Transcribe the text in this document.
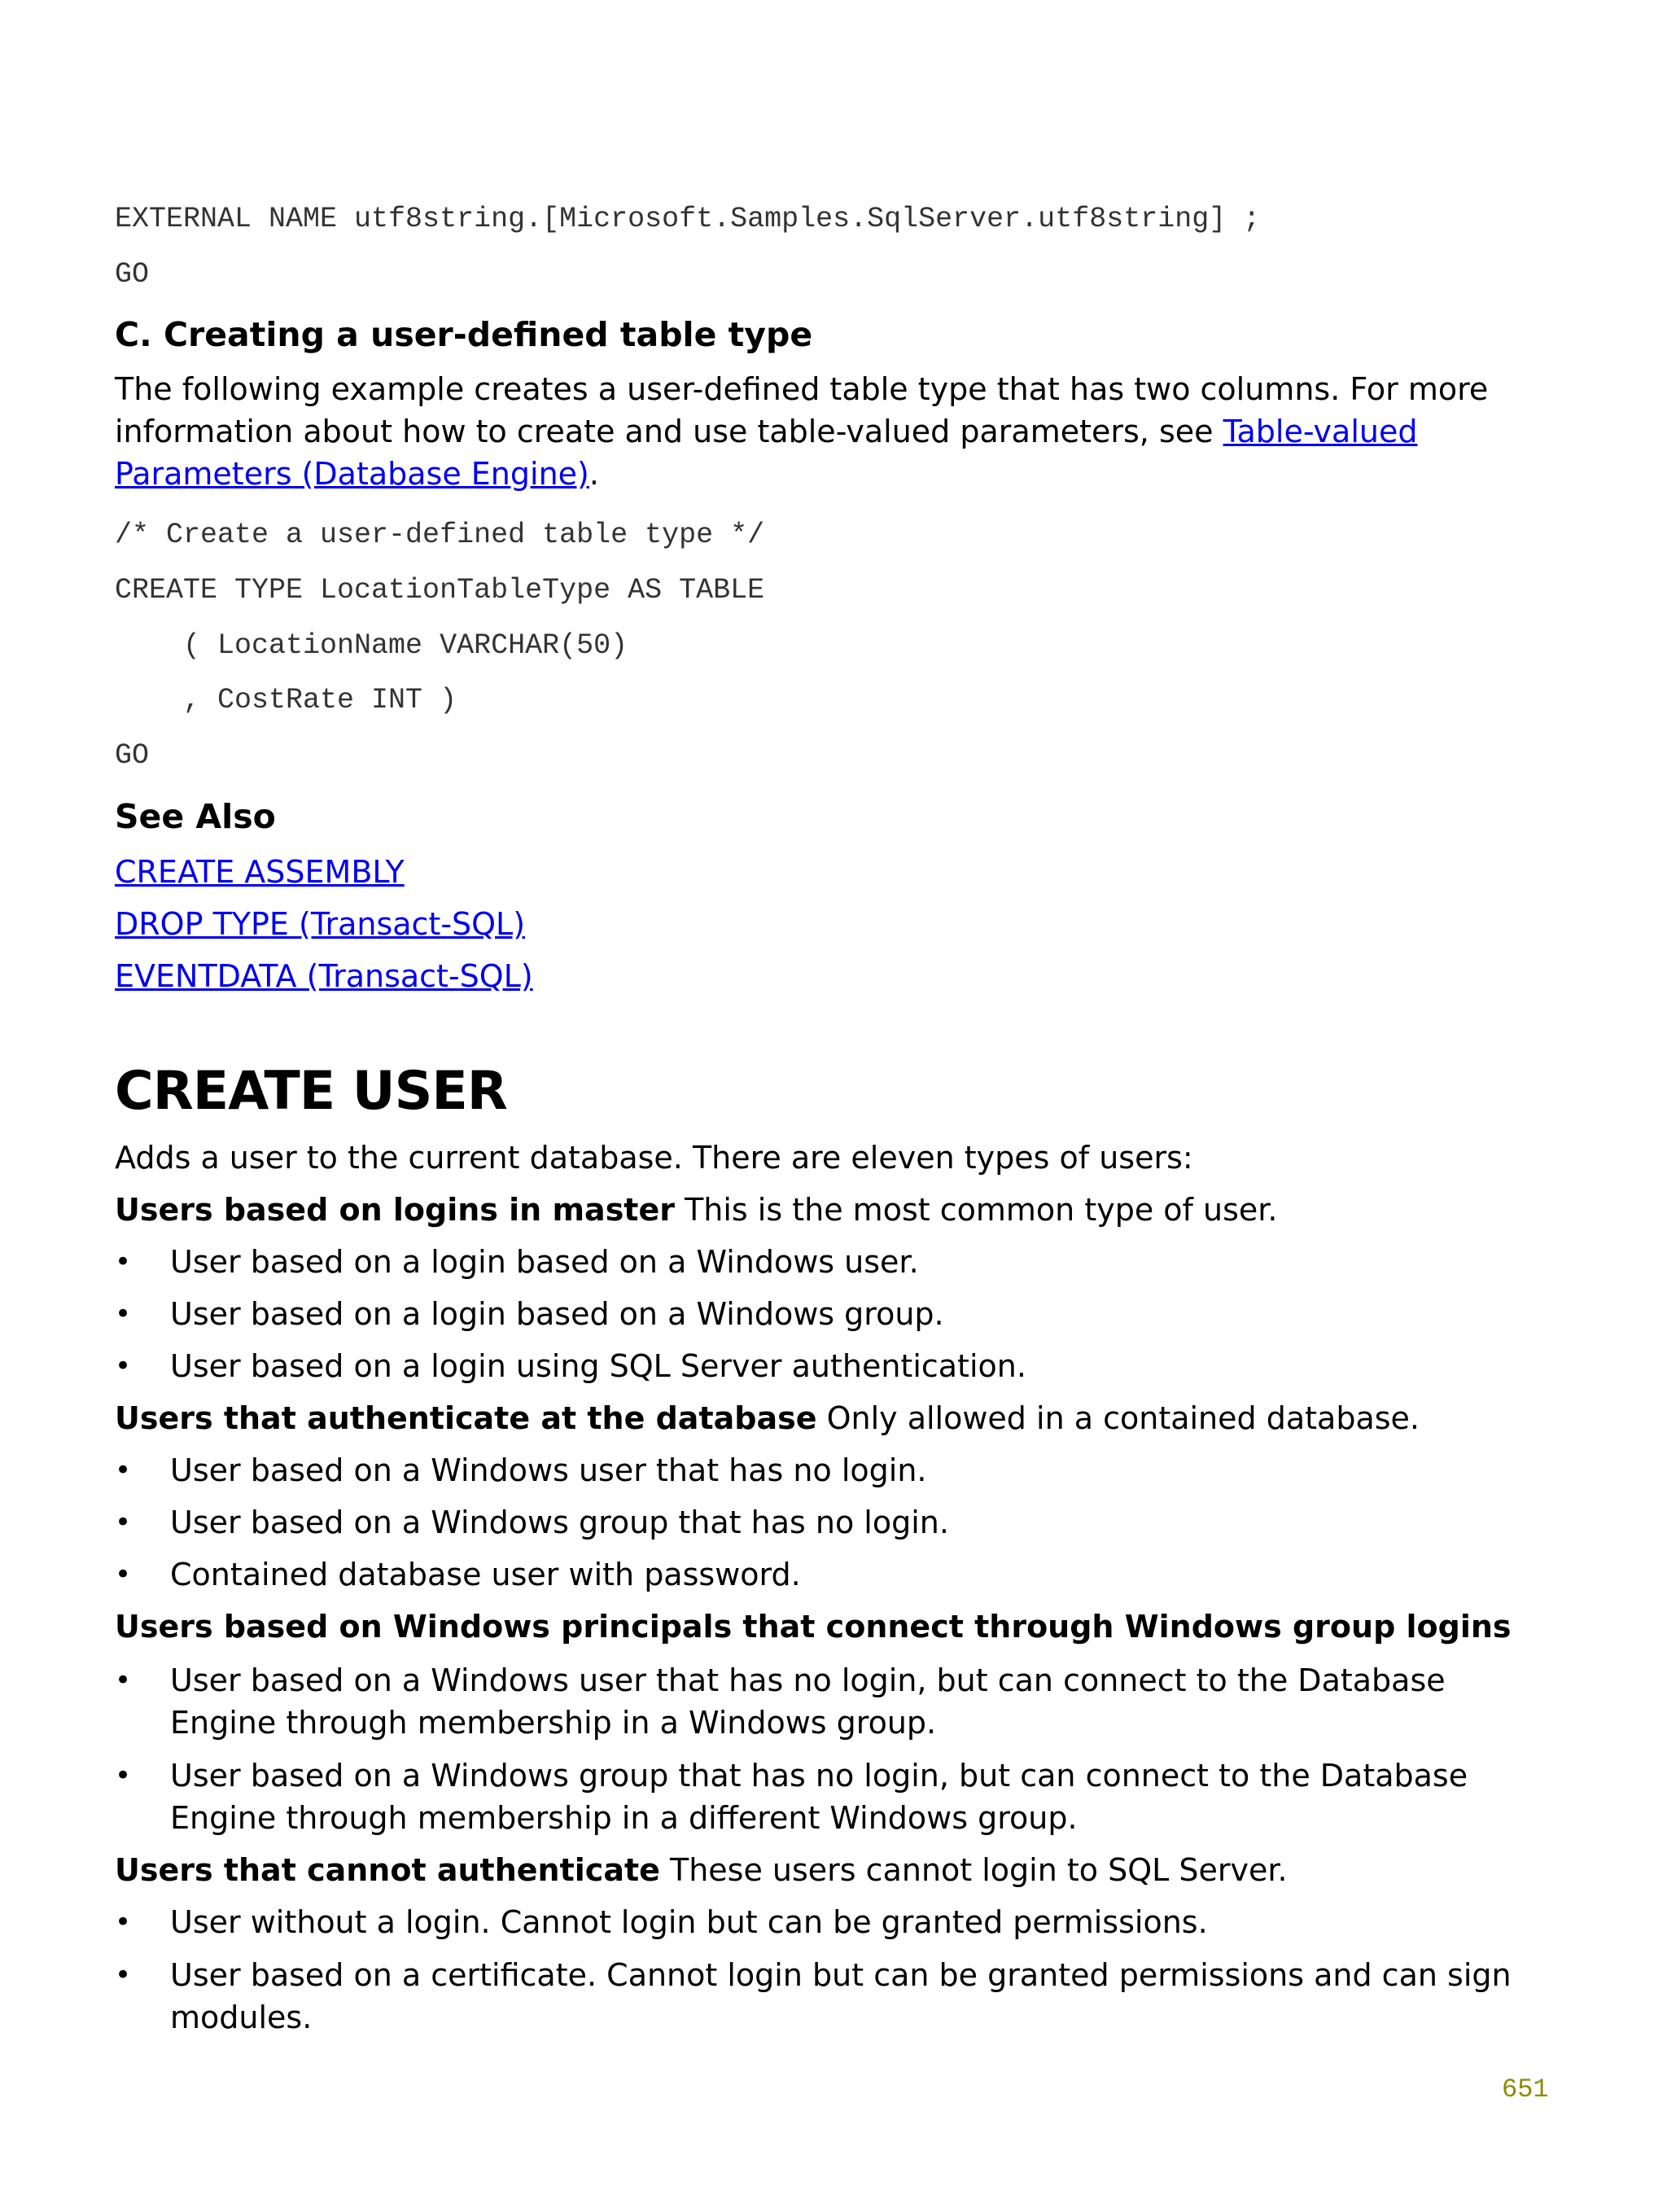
EXTERNAL NAME utf8string.[Microsoft.Samples.SqlServer.utf8string] ;
GO
C. Creating a user-defined table type
The following example creates a user-defined table type that has two columns. For more information about how to create and use table-valued parameters, see Table-valued Parameters (Database Engine).
/* Create a user-defined table type */
CREATE TYPE LocationTableType AS TABLE
( LocationName VARCHAR(50)
, CostRate INT )
GO
See Also
CREATE ASSEMBLY
DROP TYPE (Transact-SQL)
EVENTDATA (Transact-SQL)
CREATE USER
Adds a user to the current database. There are eleven types of users:
Users based on logins in master This is the most common type of user.
• User based on a login based on a Windows user.
• User based on a login based on a Windows group.
• User based on a login using SQL Server authentication.
Users that authenticate at the database Only allowed in a contained database.
• User based on a Windows user that has no login.
• User based on a Windows group that has no login.
• Contained database user with password.
Users based on Windows principals that connect through Windows group logins
• User based on a Windows user that has no login, but can connect to the Database Engine through membership in a Windows group.
• User based on a Windows group that has no login, but can connect to the Database Engine through membership in a different Windows group.
Users that cannot authenticate These users cannot login to SQL Server.
• User without a login. Cannot login but can be granted permissions.
• User based on a certificate. Cannot login but can be granted permissions and can sign modules.
651
